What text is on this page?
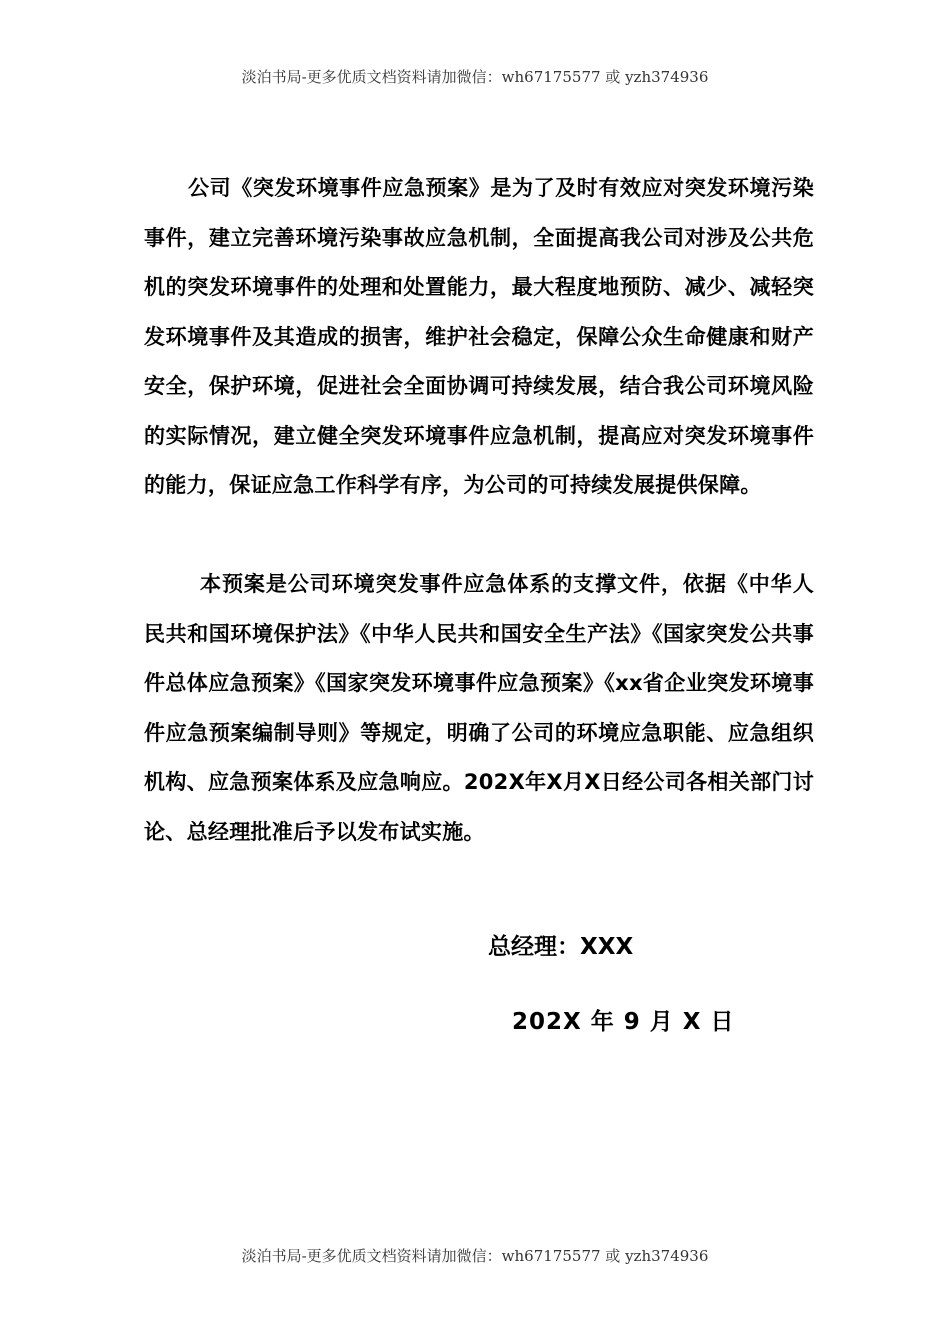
淡泊书局-更多优质文档资料请加微信：wh67175577 或 yzh374936
公司《突发环境事件应急预案》是为了及时有效应对突发环境污染事件，建立完善环境污染事故应急机制，全面提高我公司对涉及公共危机的突发环境事件的处理和处置能力，最大程度地预防、减少、减轻突发环境事件及其造成的损害，维护社会稳定，保障公众生命健康和财产安全，保护环境，促进社会全面协调可持续发展，结合我公司环境风险的实际情况，建立健全突发环境事件应急机制，提高应对突发环境事件的能力，保证应急工作科学有序，为公司的可持续发展提供保障。
本预案是公司环境突发事件应急体系的支撑文件，依据《中华人民共和国环境保护法》《中华人民共和国安全生产法》《国家突发公共事件总体应急预案》《国家突发环境事件应急预案》《xx省企业突发环境事件应急预案编制导则》等规定，明确了公司的环境应急职能、应急组织机构、应急预案体系及应急响应。202X年X月X日经公司各相关部门讨论、总经理批准后予以发布试实施。
总经理：XXX
202X 年 9 月 X 日
淡泊书局-更多优质文档资料请加微信：wh67175577 或 yzh374936
